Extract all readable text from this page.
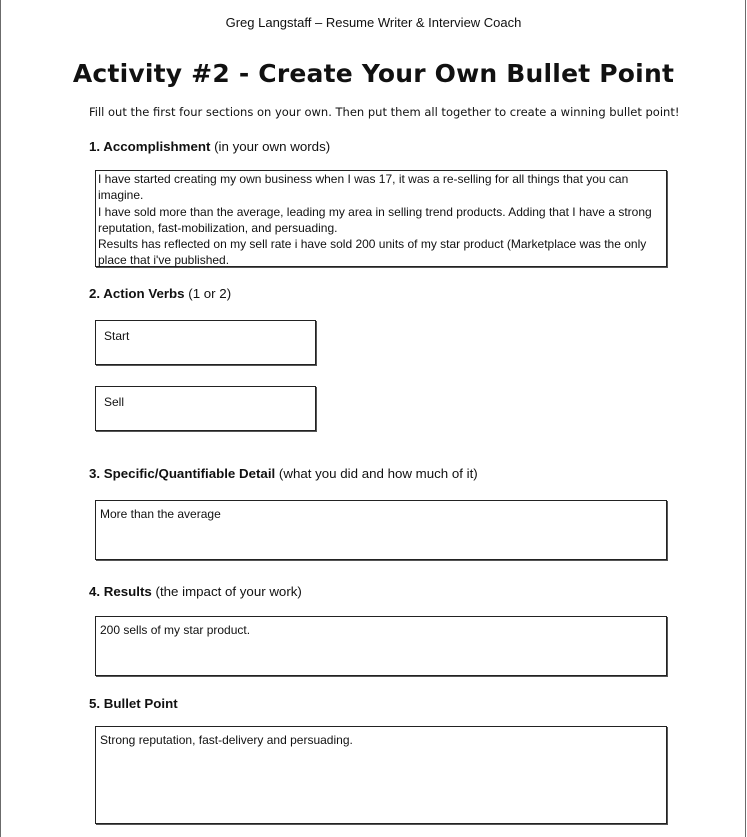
Greg Langstaff – Resume Writer & Interview Coach
Activity #2 - Create Your Own Bullet Point
Fill out the first four sections on your own. Then put them all together to create a winning bullet point!
1. Accomplishment (in your own words)
I have started creating my own business when I was 17, it was a re-selling for all things that you can
imagine.
I have sold more than the average, leading my area in selling trend products. Adding that I have a strong
reputation, fast-mobilization, and persuading.
Results has reflected on my sell rate i have sold 200 units of my star product (Marketplace was the only
place that i've published.
2. Action Verbs (1 or 2)
Start
Sell
3. Specific/Quantifiable Detail (what you did and how much of it)
More than the average
4. Results (the impact of your work)
200 sells of my star product.
5. Bullet Point
Strong reputation, fast-delivery and persuading.
